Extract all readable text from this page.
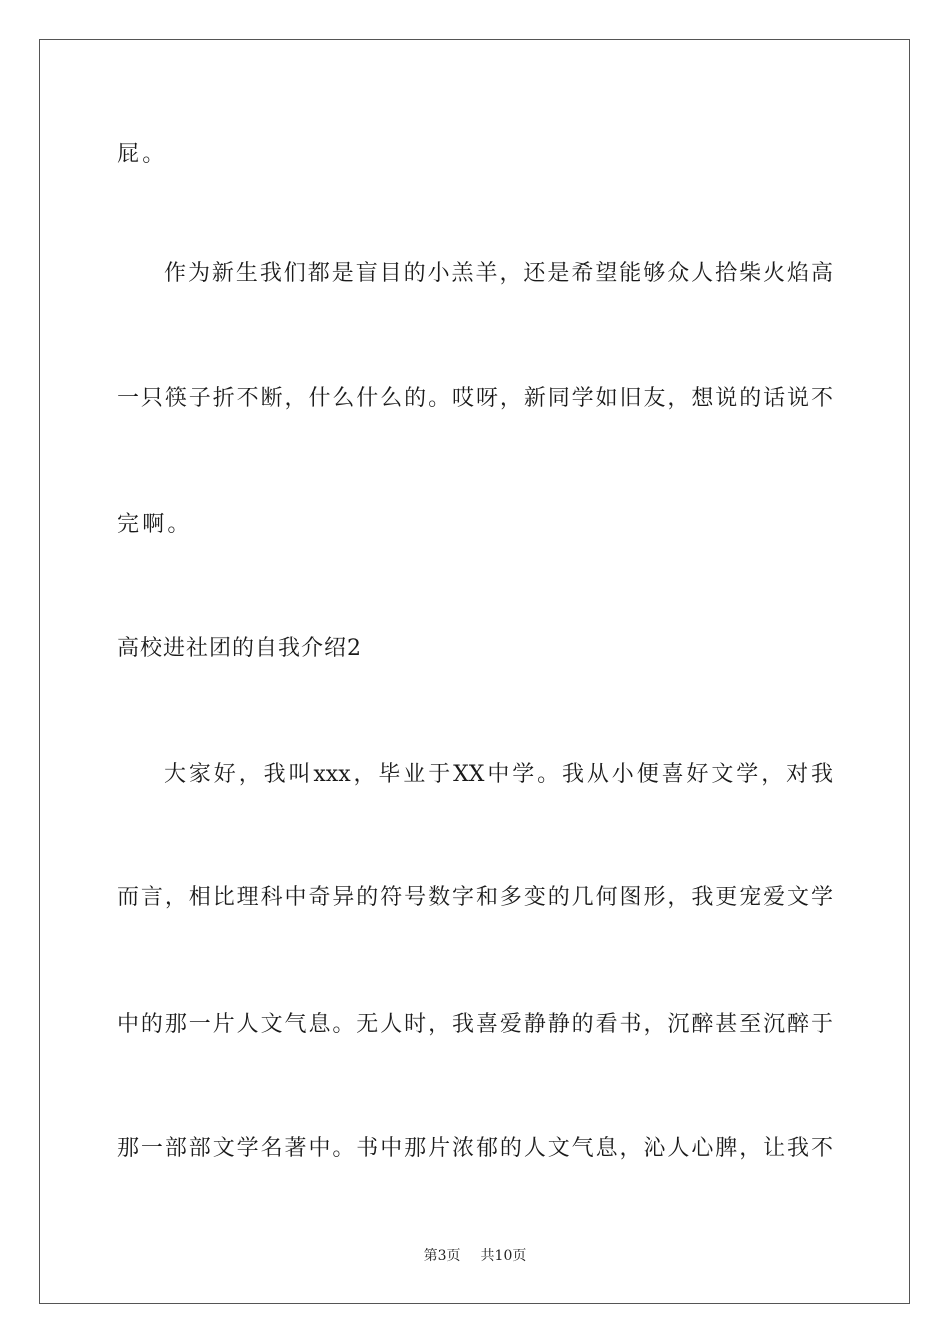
屁。
作为新生我们都是盲目的小羔羊，还是希望能够众人拾柴火焰高
一只筷子折不断，什么什么的。哎呀，新同学如旧友，想说的话说不
完啊。
高校进社团的自我介绍2
大家好，我叫xxx，毕业于XX中学。我从小便喜好文学，对我
而言，相比理科中奇异的符号数字和多变的几何图形，我更宠爱文学
中的那一片人文气息。无人时，我喜爱静静的看书，沉醉甚至沉醉于
那一部部文学名著中。书中那片浓郁的人文气息，沁人心脾，让我不
第3页 共10页
